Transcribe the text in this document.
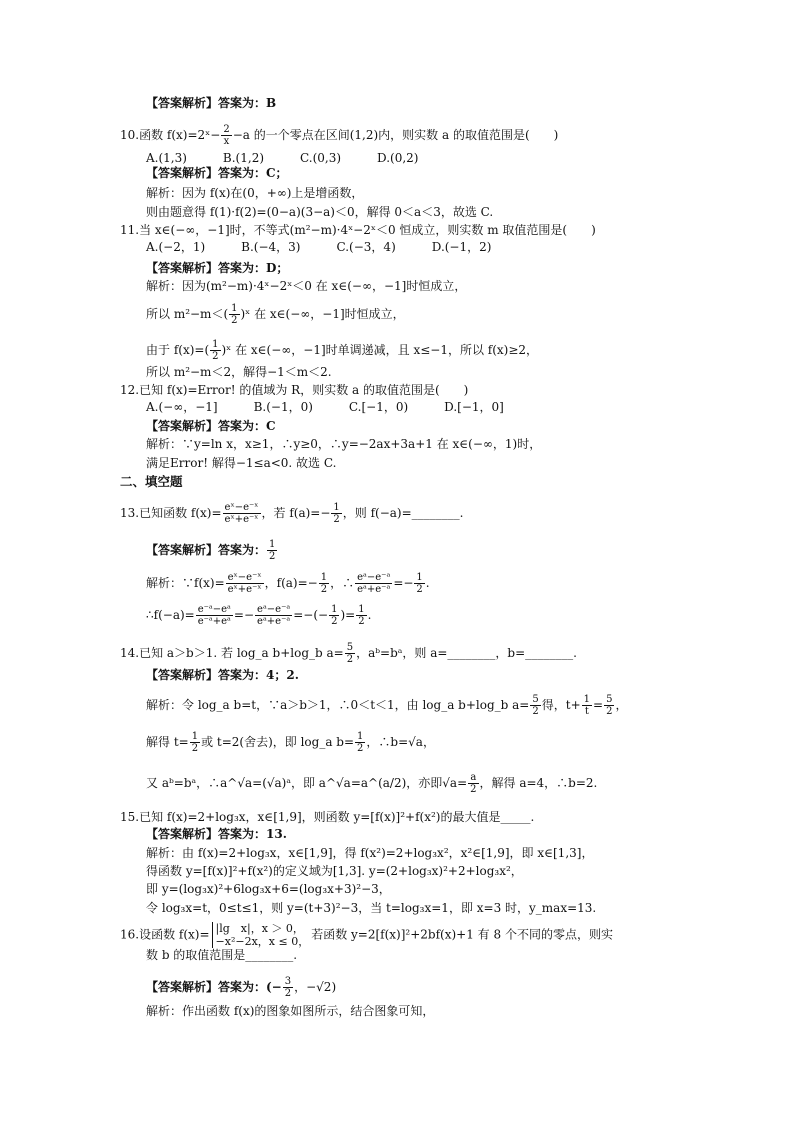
【答案解析】答案为：B
10.函数 f(x)=2ˣ− $\frac{2}{x} -a$ 的一个零点在区间(1,2)内，则实数 a 的取值范围是(　　)
A.(1,3)　　　B.(1,2)　　　C.(0,3)　　　D.(0,2)
【答案解析】答案为：C；
解析：因为 f(x)在(0，+∞)上是增函数，
则由题意得 f(1)·f(2)=(0−a)(3−a)＜0，解得 0＜a＜3，故选 C.
11.当 x∈(−∞，−1]时，不等式(m²−m)·4ˣ−2ˣ＜0 恒成立，则实数 m 取值范围是(　　)
A.(−2，1)　　　B.(−4，3)　　　C.(−3，4)　　　D.(−1，2)
【答案解析】答案为：D；
解析：因为(m²−m)·4ˣ−2ˣ＜0 在 x∈(−∞，−1]时恒成立，
所以 $m^2-m<( \frac{1}{2}$ )ˣ 在 x∈(−∞，−1]时恒成立，
由于 $f(x)=( \frac{1}{2}$ )ˣ 在 x∈(−∞，−1]时单调递减，且 x≤−1，所以 f(x)≥2，
所以 m²−m＜2，解得−1＜m＜2.
12.已知 f(x)=Error! 的值域为 R，则实数 a 的取值范围是(　　)
A.(−∞，−1]　　　B.(−1，0)　　　C.[−1，0)　　　D.[−1，0]
【答案解析】答案为：C
解析：∵y=ln x，x≥1，∴y≥0，∴y=−2ax+3a+1 在 x∈(−∞，1)时，
满足Error! 解得−1≤a<0. 故选 C.
二、填空题
13.已知函数 $f(x)= \frac{\text{eˣ−e⁻ˣ}}{\text{eˣ+e⁻ˣ}}$ ，若 $f(a)=- \frac{1}{2}$ ，则 f(−a)=________.
【答案解析】答案为： $\frac{1}{2}$
解析：∵f(x)= $\frac{\text{eˣ−e⁻ˣ}}{\text{eˣ+e⁻ˣ}}$ ，$f(a)=- \frac{1}{2}$ ，∴ $\frac{\text{eᵃ−e⁻ᵃ}}{\text{eᵃ+e⁻ᵃ}} =- \frac{1}{2}$ .
∴f(−a)= $\frac{\text{e⁻ᵃ−eᵃ}}{\text{e⁻ᵃ+eᵃ}} =- \frac{\text{eᵃ−e⁻ᵃ}}{\text{eᵃ+e⁻ᵃ}}$ =−(− $\frac{1}{2}$ )= $\frac{1}{2}$ .
14.已知 a＞b＞1. 若 log_a b+log_b $a= \frac{5}{2}$ ，aᵇ=bᵃ，则 a=________，b=________.
【答案解析】答案为：4；2.
解析：令 log_a b=t，∵a＞b＞1，∴0＜t＜1，由 log_a b+log_b $a= \frac{5}{2}$ 得，$t+ \frac{1}{t} = \frac{5}{2}$ ，
解得 $t= \frac{1}{2}$ 或 t=2(舍去)，即 log_a $b= \frac{1}{2}$ ，∴b=√a，
又 aᵇ=bᵃ，∴a^√a=(√a)ᵃ，即 a^√a=a^(a/2)，亦即$√a= \frac{a}{2}$ ，解得 a=4，∴b=2.
15.已知 f(x)=2+log₃x，x∈[1,9]，则函数 y=[f(x)]²+f(x²)的最大值是_____.
【答案解析】答案为：13.
解析：由 f(x)=2+log₃x，x∈[1,9]，得 f(x²)=2+log₃x²，x²∈[1,9]，即 x∈[1,3]，
得函数 y=[f(x)]²+f(x²)的定义域为[1,3]. y=(2+log₃x)²+2+log₃x²，
即 y=(log₃x)²+6log₃x+6=(log₃x+3)²−3，
令 log₃x=t，0≤t≤1，则 y=(t+3)²−3，当 t=log₃x=1，即 x=3 时，y_max=13.
16.设函数 f(x)= |lg　x|，x ＞ 0，
−x²−2x，x ≤ 0， 若函数 y=2[f(x)]²+2bf(x)+1 有 8 个不同的零点，则实
数 b 的取值范围是________.
【答案解析】答案为：(− $\frac{3}{2}$ ，−√2)
解析：作出函数 f(x)的图象如图所示，结合图象可知，
